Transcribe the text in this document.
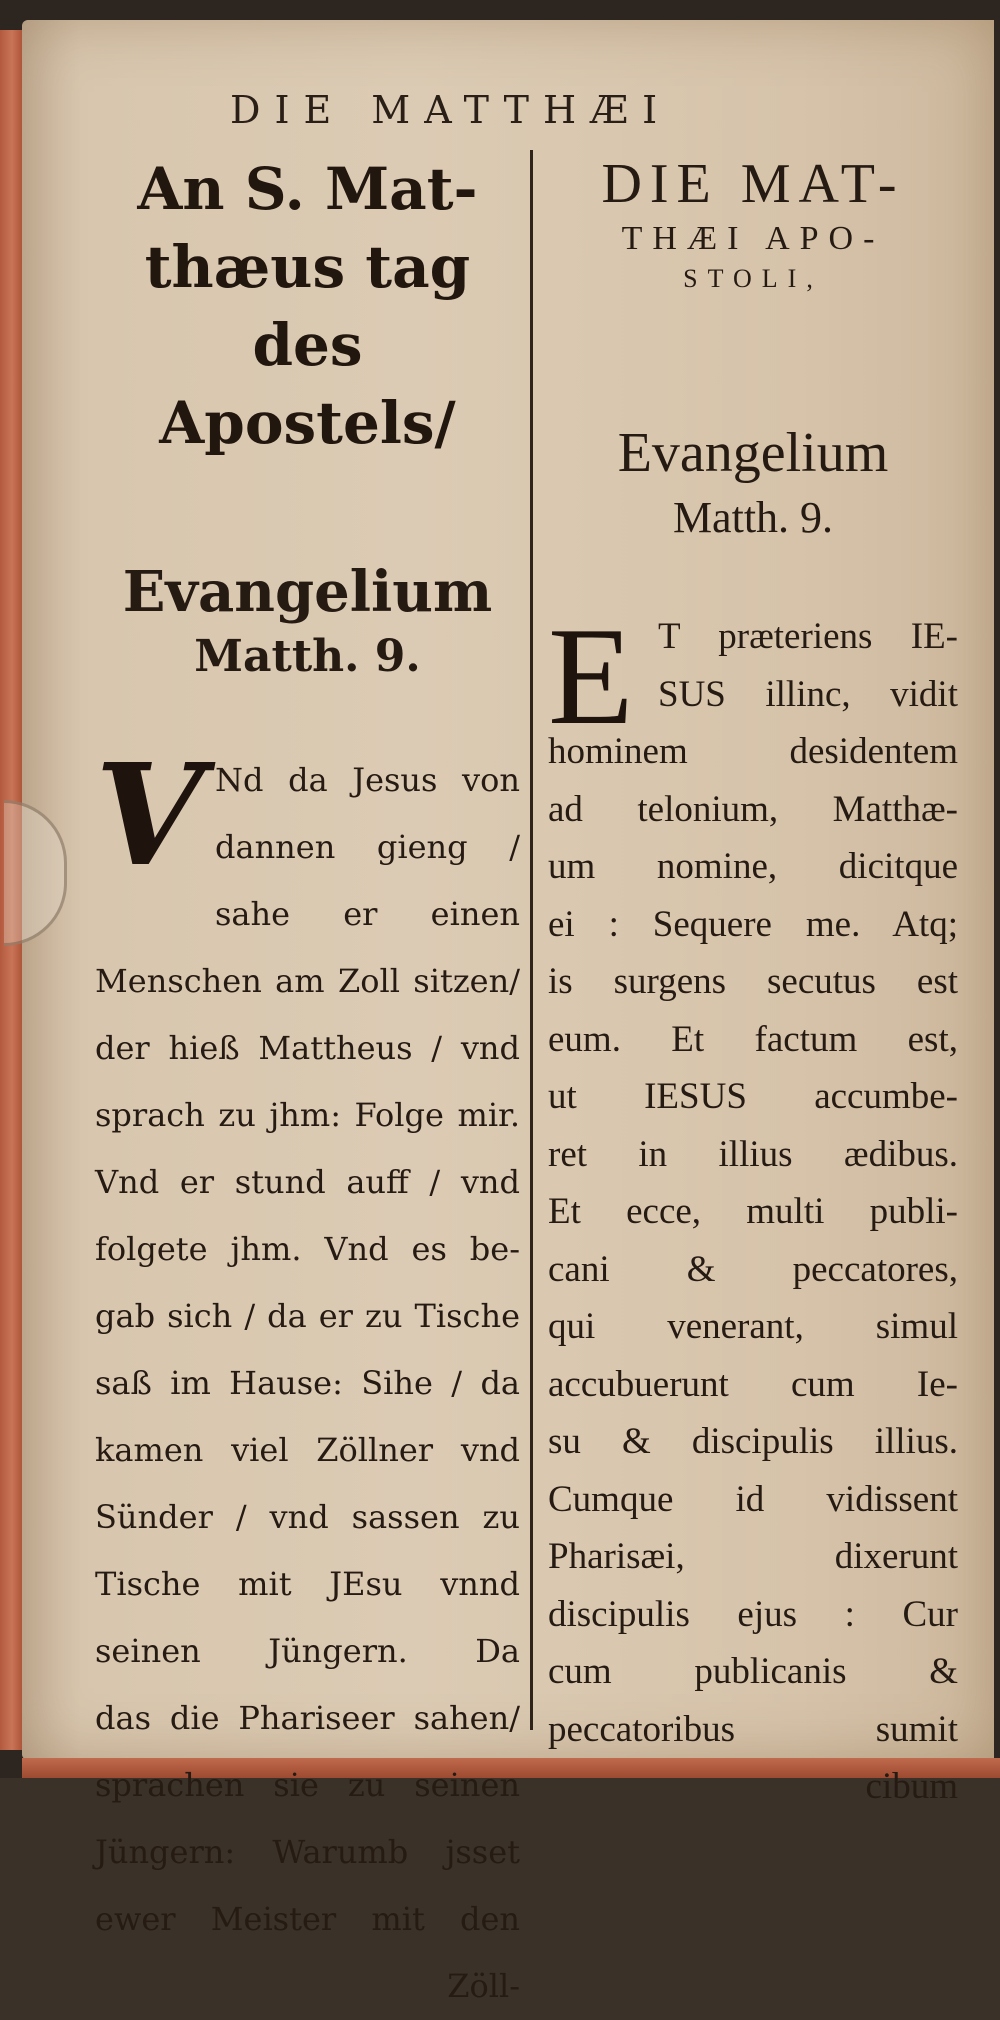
DIE MATTHÆI

An S. Mat-

thæus tag des

Apostels/

Evangelium

Matth. 9.

V Nd da Jesus von
dannen gieng /
sahe er einen
Menschen am Zoll sitzen/
der hieß Mattheus / vnd
sprach zu jhm: Folge mir.
Vnd er stund auff / vnd
folgete jhm. Vnd es be-
gab sich / da er zu Tische
saß im Hause: Sihe / da
kamen viel Zöllner vnd
Sünder / vnd sassen zu
Tische mit JEsu vnnd
seinen Jüngern. Da
das die Phariseer sahen/
sprachen sie zu seinen
Jüngern: Warumb jsset
ewer Meister mit den
Zöll-

DIE MAT-

THÆI APO-

STOLI,

Evangelium

Matth. 9.

E T præteriens IE-
SUS illinc, vidit
hominem desidentem
ad telonium, Matthæ-
um nomine, dicitque
ei : Sequere me. Atq;
is surgens secutus est
eum. Et factum est,
ut IESUS accumbe-
ret in illius ædibus.
Et ecce, multi publi-
cani & peccatores,
qui venerant, simul
accubuerunt cum Ie-
su & discipulis illius.
Cumque id vidissent
Pharisæi, dixerunt
discipulis ejus : Cur
cum publicanis &
peccatoribus sumit
cibum
